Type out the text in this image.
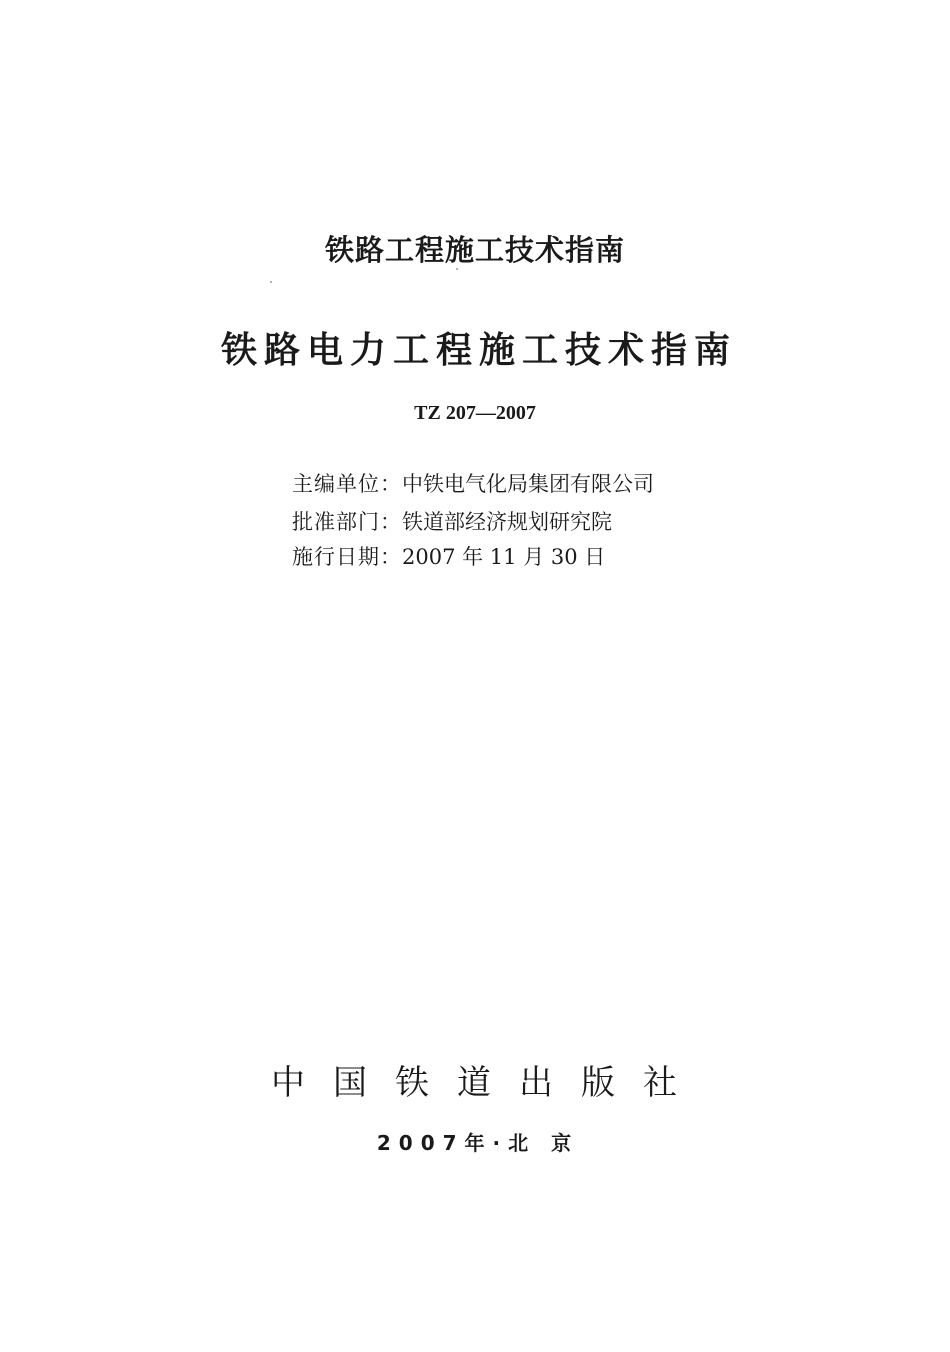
铁路工程施工技术指南
铁路电力工程施工技术指南
TZ 207—2007
主编单位：中铁电气化局集团有限公司
批准部门：铁道部经济规划研究院
施行日期：2007 年 11 月 30 日
中国铁道出版社
2007年·北 京
